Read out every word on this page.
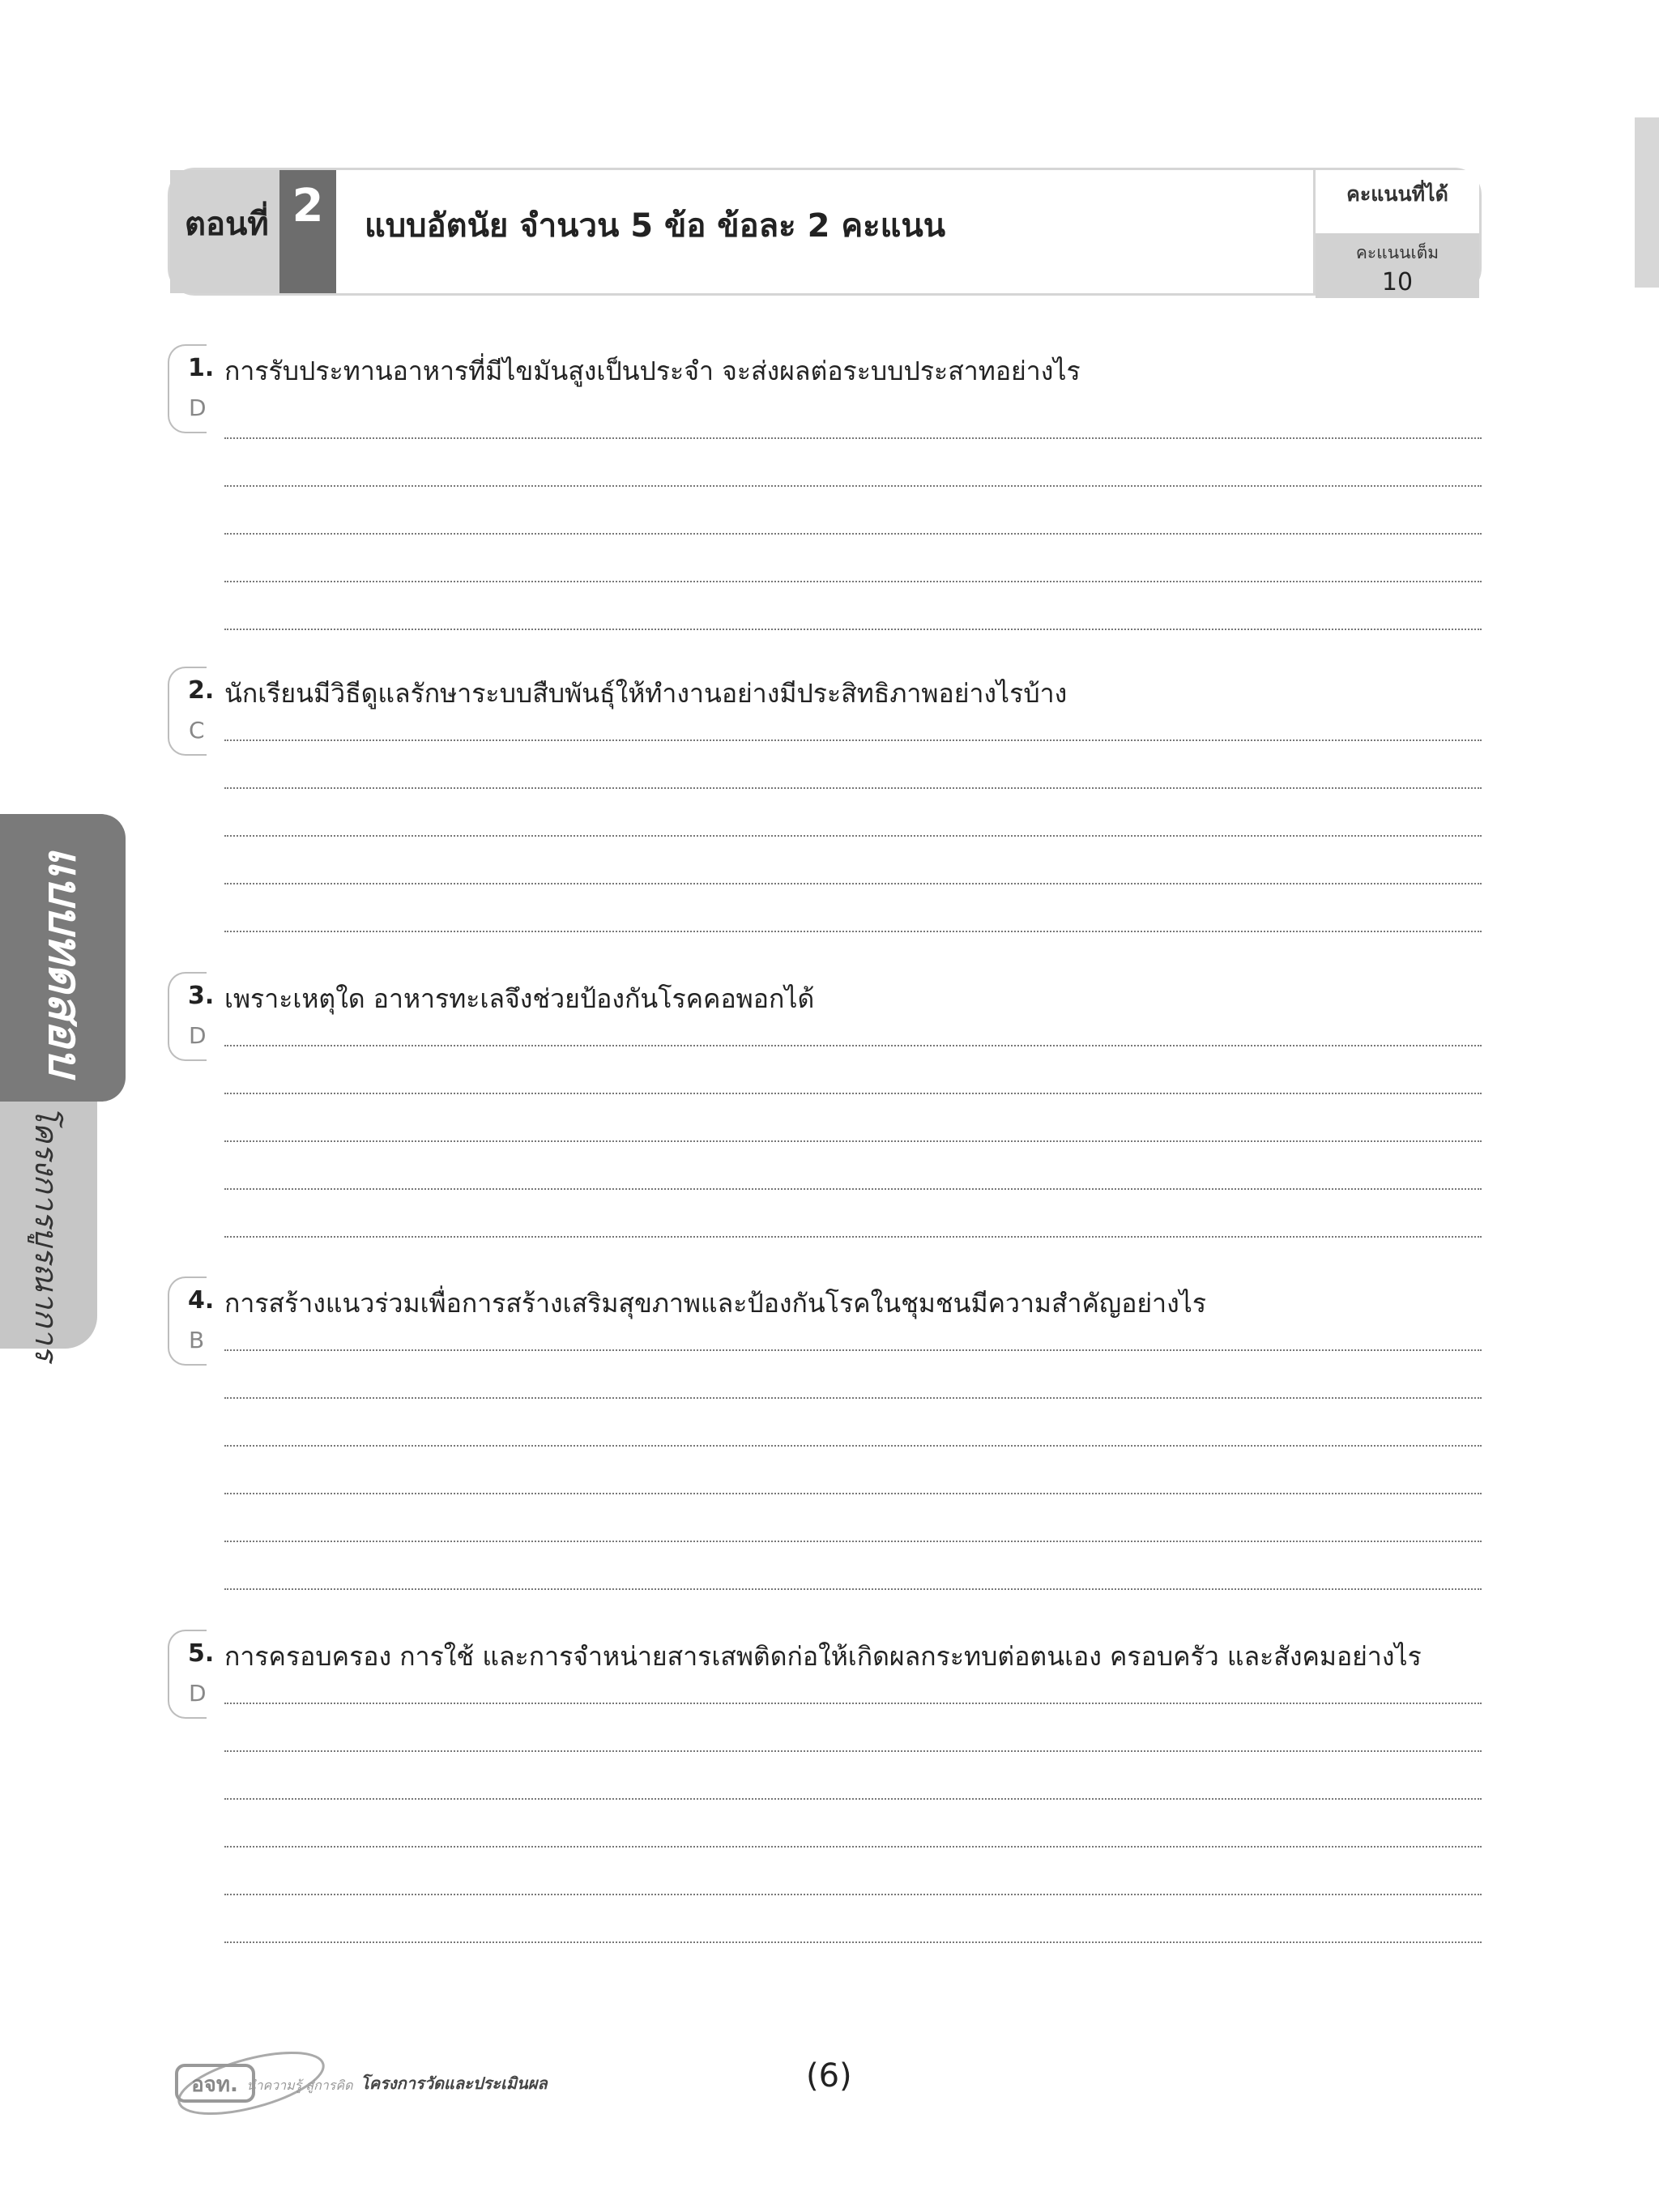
ตอนที่ 2	แบบอัตนัย จำนวน 5 ข้อ ข้อละ 2 คะแนน
คะแนนที่ได้
คะแนนเต็ม
10
โครงการบูรณาการ
แบบทดสอบ
1. การรับประทานอาหารที่มีไขมันสูงเป็นประจำ จะส่งผลต่อระบบประสาทอย่างไร
D
2. นักเรียนมีวิธีดูแลรักษาระบบสืบพันธุ์ให้ทำงานอย่างมีประสิทธิภาพอย่างไรบ้าง
C
3. เพราะเหตุใด อาหารทะเลจึงช่วยป้องกันโรคคอพอกได้
D
4. การสร้างแนวร่วมเพื่อการสร้างเสริมสุขภาพและป้องกันโรคในชุมชนมีความสำคัญอย่างไร
B
5. การครอบครอง การใช้ และการจำหน่ายสารเสพติดก่อให้เกิดผลกระทบต่อตนเอง ครอบครัว และสังคมอย่างไร
D
อจท. นำความรู้ สู่การคิด โครงการวัดและประเมินผล	(6)
